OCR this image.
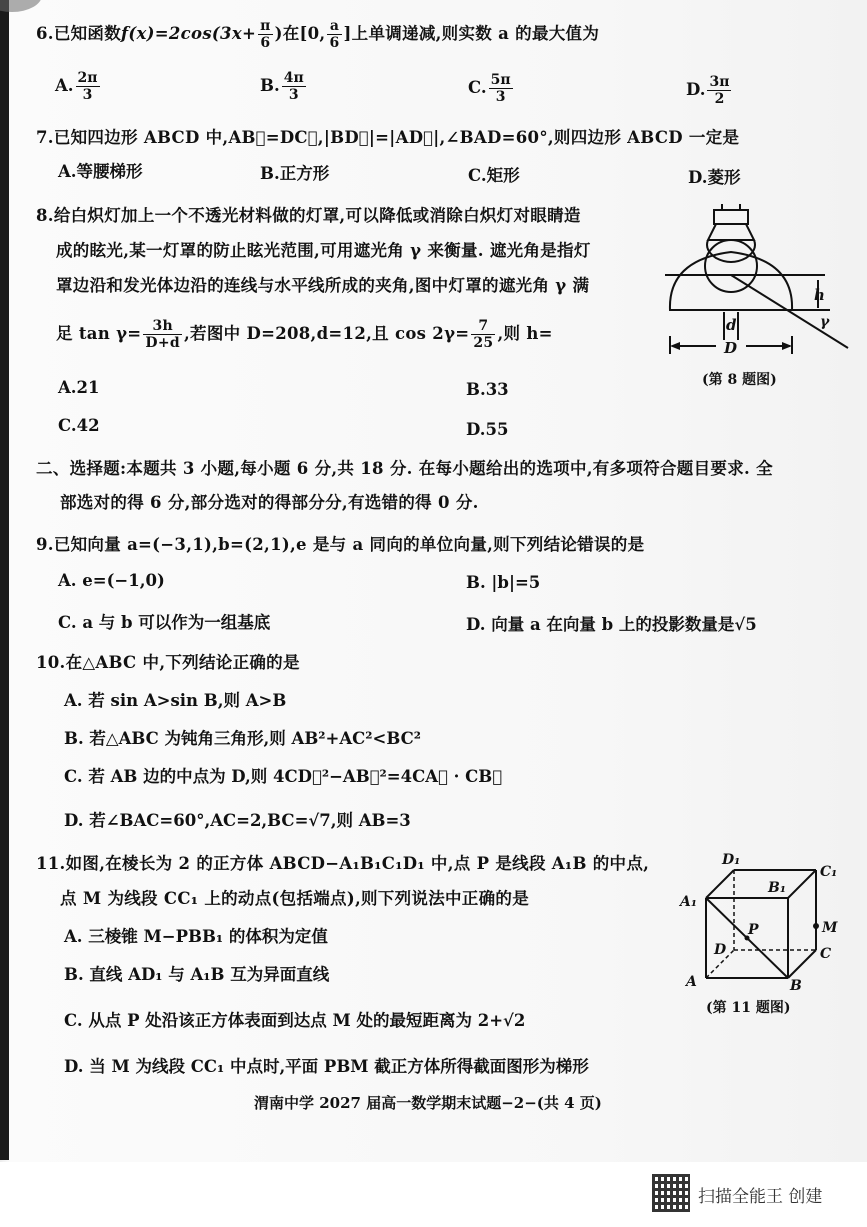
6.已知函数$f(x)=2\cos(3x+ \frac{\pi}{6}$ )在[0, $\frac{a}{6}$ ]上单调递减,则实数 a 的最大值为
A. $\frac{2\pi}{3}$	B. $\frac{4\pi}{3}$	C. $\frac{5\pi}{3}$	D. $\frac{3\pi}{2}$
7.已知四边形 ABCD 中,AB⃗=DC⃗,|BD⃗|=|AD⃗|,∠BAD=60°,则四边形 ABCD 一定是
A.等腰梯形	B.正方形	C.矩形	D.菱形
8.给白炽灯加上一个不透光材料做的灯罩,可以降低或消除白炽灯对眼睛造
成的眩光,某一灯罩的防止眩光范围,可用遮光角 γ 来衡量. 遮光角是指灯
罩边沿和发光体边沿的连线与水平线所成的夹角,图中灯罩的遮光角 γ 满
足 $\tan \gamma= \frac{3h}{D+d}$ ,若图中 D=208,d=12,且 $\cos 2\gamma= \frac{7}{25}$ ,则 h=
A.21	B.33
C.42	D.55
h
γ
d
D
(第 8 题图)
二、选择题:本题共 3 小题,每小题 6 分,共 18 分. 在每小题给出的选项中,有多项符合题目要求. 全
部选对的得 6 分,部分选对的得部分分,有选错的得 0 分.
9.已知向量 a=(−3,1),b=(2,1),e 是与 a 同向的单位向量,则下列结论错误的是
A. e=(−1,0)	B. |b|=5
C. a 与 b 可以作为一组基底	D. 向量 a 在向量 b 上的投影数量是√5
10.在△ABC 中,下列结论正确的是
A. 若 sin A>sin B,则 A>B
B. 若△ABC 为钝角三角形,则 AB²+AC²<BC²
C. 若 AB 边的中点为 D,则 4CD⃗²−AB⃗²=4CA⃗ · CB⃗
D. 若∠BAC=60°,AC=2,BC=√7,则 AB=3
11.如图,在棱长为 2 的正方体 ABCD−A₁B₁C₁D₁ 中,点 P 是线段 A₁B 的中点,
点 M 为线段 CC₁ 上的动点(包括端点),则下列说法中正确的是
A. 三棱锥 M−PBB₁ 的体积为定值
B. 直线 AD₁ 与 A₁B 互为异面直线
C. 从点 P 处沿该正方体表面到达点 M 处的最短距离为 2+√2
D. 当 M 为线段 CC₁ 中点时,平面 PBM 截正方体所得截面图形为梯形
D₁
C₁
A₁
B₁
P	M
D	C
A	B
(第 11 题图)
渭南中学 2027 届高一数学期末试题−2−(共 4 页)
扫描全能王 创建
